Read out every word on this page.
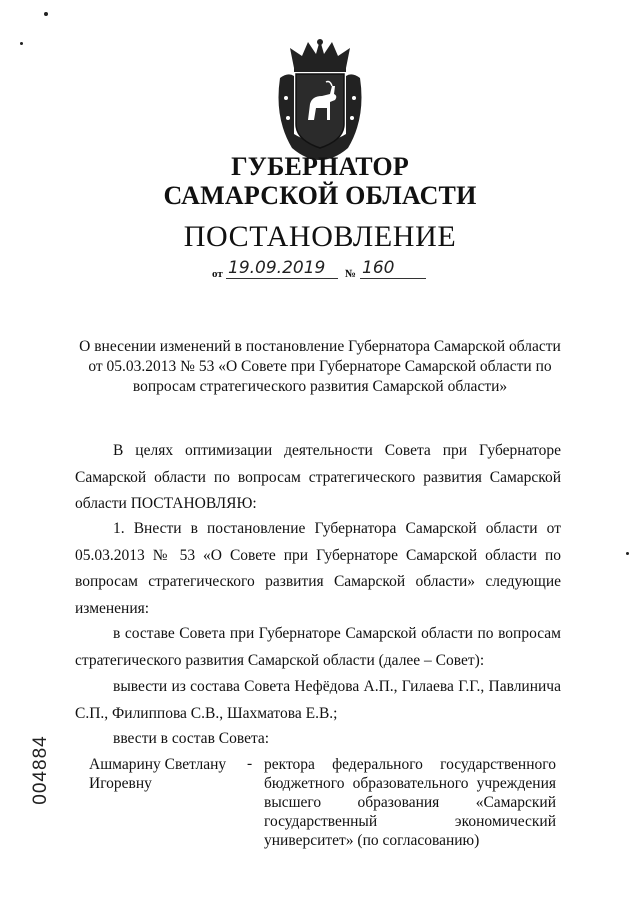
ГУБЕРНАТОР
САМАРСКОЙ ОБЛАСТИ
ПОСТАНОВЛЕНИЕ
от 19.09.2019 № 160
О внесении изменений в постановление Губернатора Самарской области от 05.03.2013 № 53 «О Совете при Губернаторе Самарской области по вопросам стратегического развития Самарской области»
В целях оптимизации деятельности Совета при Губернаторе Самарской области по вопросам стратегического развития Самарской области ПОСТАНОВЛЯЮ:
1. Внести в постановление Губернатора Самарской области от 05.03.2013 № 53 «О Совете при Губернаторе Самарской области по вопросам стратегического развития Самарской области» следующие изменения:
в составе Совета при Губернаторе Самарской области по вопросам стратегического развития Самарской области (далее – Совет):
вывести из состава Совета Нефёдова А.П., Гилаева Г.Г., Павлинича С.П., Филиппова С.В., Шахматова Е.В.;
ввести в состав Совета:
Ашмарину Светлану Игоревну
- ректора федерального государственного бюджетного образовательного учреждения высшего образования «Самарский государственный экономический университет» (по согласованию)
004884
